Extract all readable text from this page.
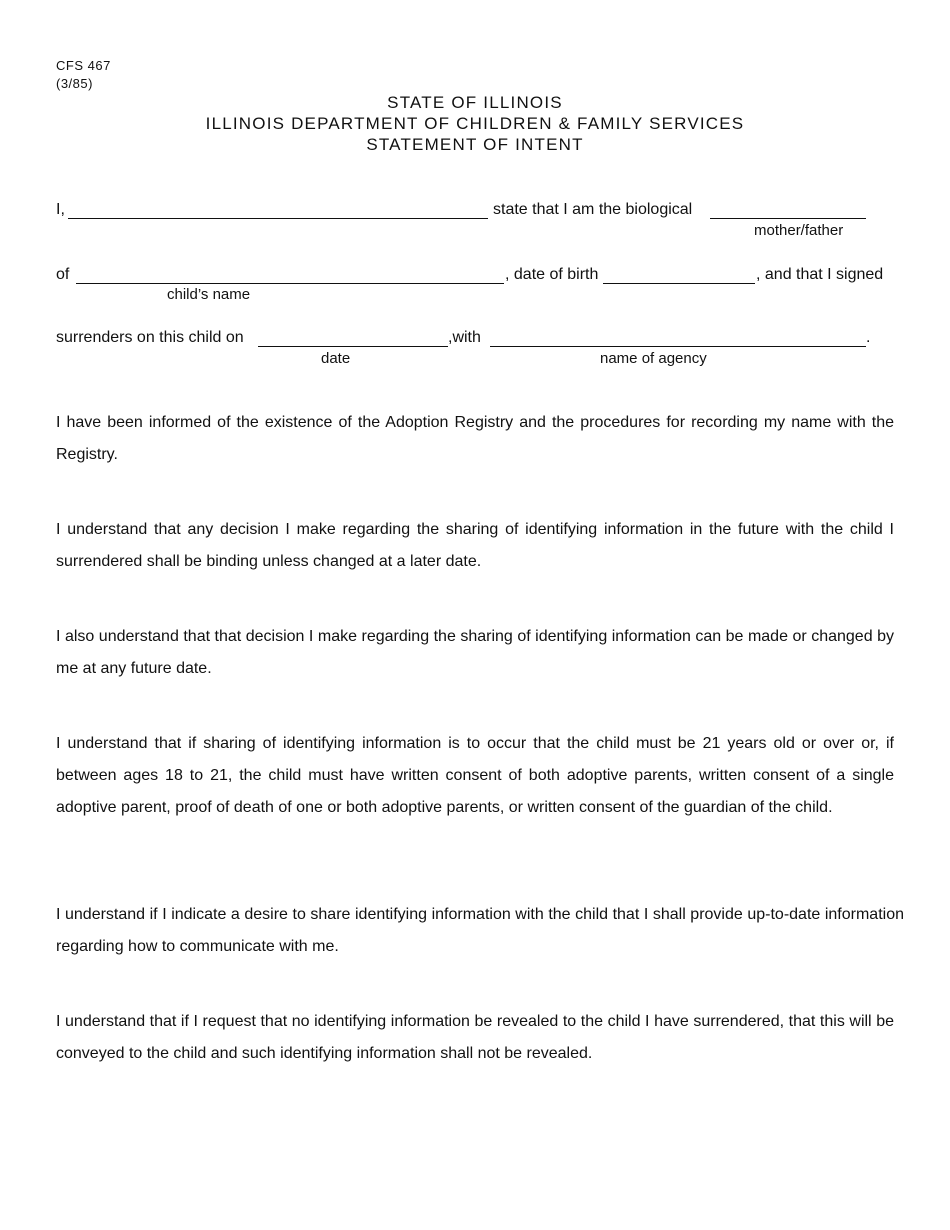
CFS 467
(3/85)
STATE OF ILLINOIS
ILLINOIS DEPARTMENT OF CHILDREN & FAMILY SERVICES
STATEMENT OF INTENT
I,	state that I am the biological
mother/father
of	, date of birth	, and that I signed
child’s name
surrenders on this child on	,with	.
date	name of agency

I have been informed of the existence of the Adoption Registry and the procedures for recording my name with the Registry.

I understand that any decision I make regarding the sharing of identifying information in the future with the child I surrendered shall be binding unless changed at a later date.

I also understand that that decision I make regarding the sharing of identifying information can be made or changed by me at any future date.

I understand that if sharing of identifying information is to occur that the child must be 21 years old or over or, if between ages 18 to 21, the child must have written consent of both adoptive parents, written consent of a single adoptive parent, proof of death of one or both adoptive parents, or written consent of the guardian of the child.

I understand if I indicate a desire to share identifying information with the child that I shall provide up-to-date information regarding how to communicate with me.

I understand that if I request that no identifying information be revealed to the child I have surrendered, that this will be conveyed to the child and such identifying information shall not be revealed.
